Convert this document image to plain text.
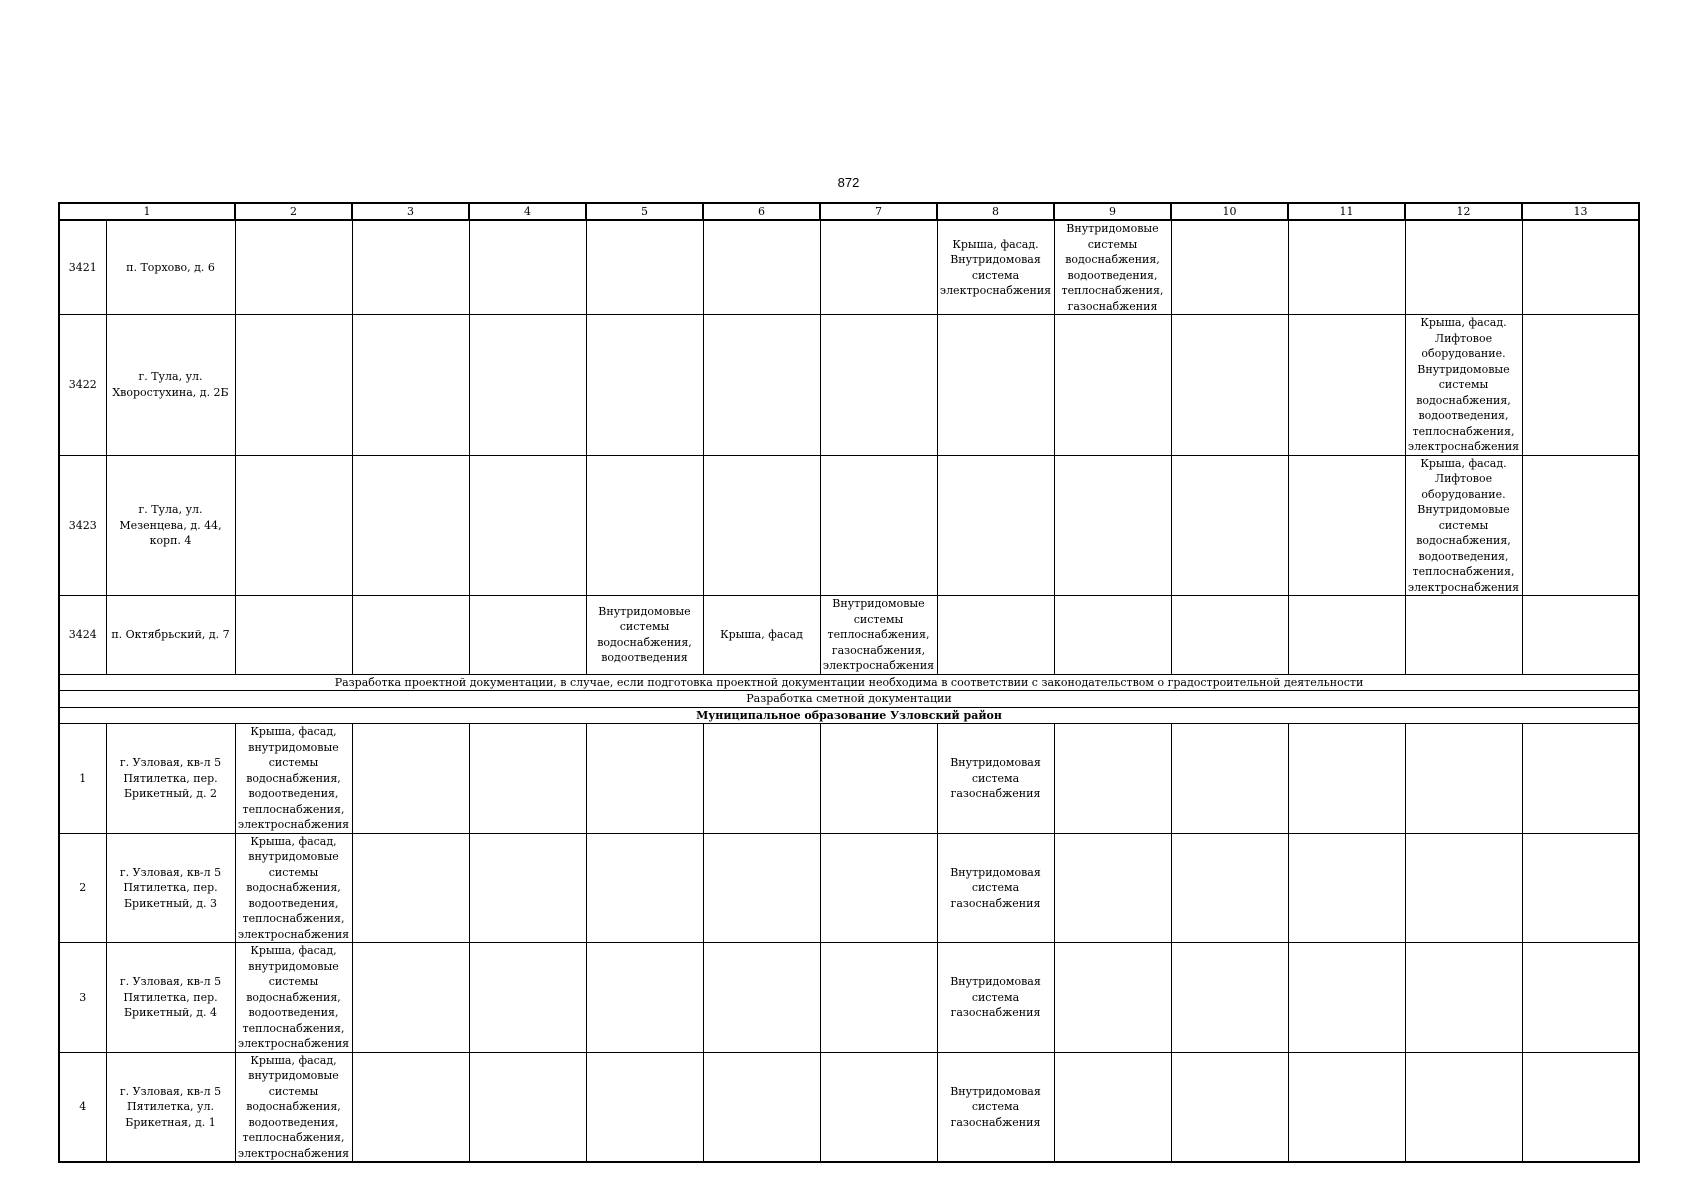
872
1		2	3	4	5	6	7	8	9	10	11	12	13
3421	п. Торхово, д. 6							Крыша, фасад. Внутридомовая система электроснабжения	Внутридомовые системы водоснабжения, водоотведения, теплоснабжения, газоснабжения				
3422	г. Тула, ул. Хворостухина, д. 2Б											Крыша, фасад. Лифтовое оборудование. Внутридомовые системы водоснабжения, водоотведения, теплоснабжения, электроснабжения	
3423	г. Тула, ул. Мезенцева, д. 44, корп. 4											Крыша, фасад. Лифтовое оборудование. Внутридомовые системы водоснабжения, водоотведения, теплоснабжения, электроснабжения	
3424	п. Октябрьский, д. 7				Внутридомовые системы водоснабжения, водоотведения	Крыша, фасад	Внутридомовые системы теплоснабжения, газоснабжения, электроснабжения						
Разработка проектной документации, в случае, если подготовка проектной документации необходима в соответствии с законодательством о градостроительной деятельности													
Разработка сметной документации													
Муниципальное образование Узловский район													
1	г. Узловая, кв-л 5 Пятилетка, пер. Брикетный, д. 2	Крыша, фасад, внутридомовые системы водоснабжения, водоотведения, теплоснабжения, электроснабжения						Внутридомовая система газоснабжения					
2	г. Узловая, кв-л 5 Пятилетка, пер. Брикетный, д. 3	Крыша, фасад, внутридомовые системы водоснабжения, водоотведения, теплоснабжения, электроснабжения						Внутридомовая система газоснабжения					
3	г. Узловая, кв-л 5 Пятилетка, пер. Брикетный, д. 4	Крыша, фасад, внутридомовые системы водоснабжения, водоотведения, теплоснабжения, электроснабжения						Внутридомовая система газоснабжения					
4	г. Узловая, кв-л 5 Пятилетка, ул. Брикетная, д. 1	Крыша, фасад, внутридомовые системы водоснабжения, водоотведения, теплоснабжения, электроснабжения						Внутридомовая система газоснабжения					
